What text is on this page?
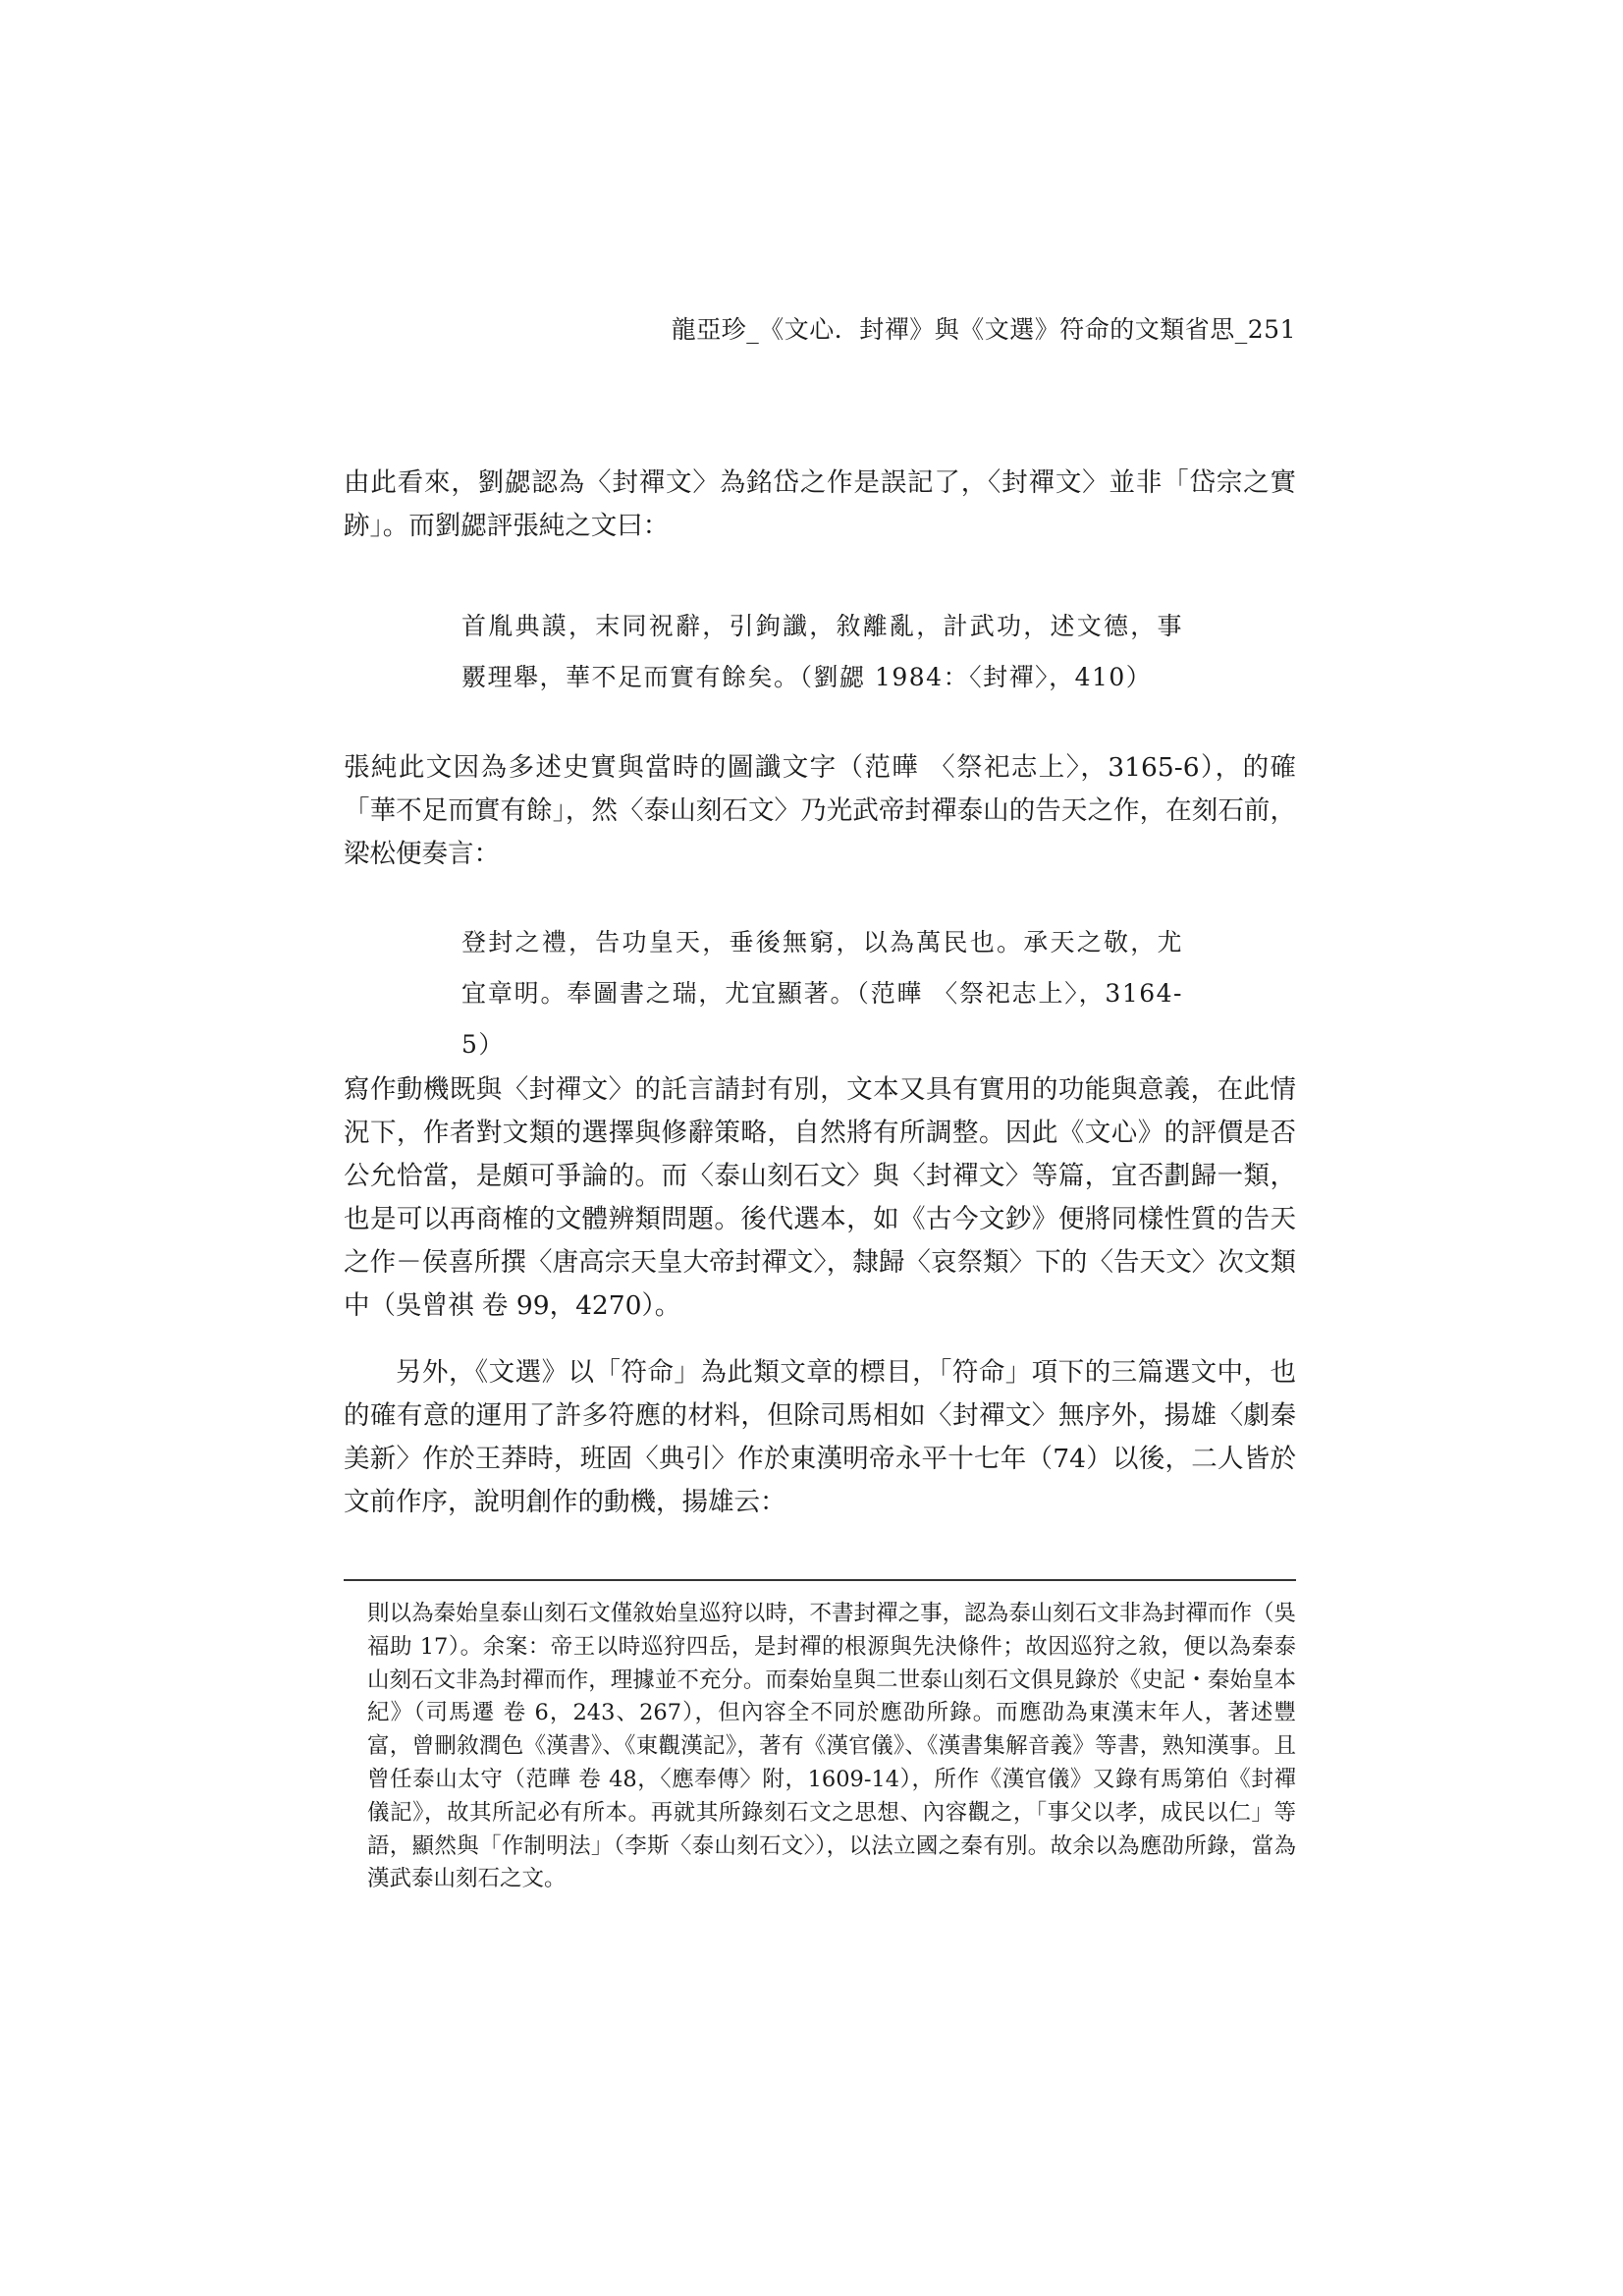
龍亞珍_《文心．封禪》與《文選》符命的文類省思_251

由此看來，劉勰認為〈封禪文〉為銘岱之作是誤記了，〈封禪文〉並非「岱宗之實跡」。而劉勰評張純之文曰：

首胤典謨，末同祝辭，引鉤讖，敘離亂，計武功，述文德，事覈理舉，華不足而實有餘矣。（劉勰 1984：〈封禪〉，410）

張純此文因為多述史實與當時的圖讖文字（范曄 〈祭祀志上〉，3165-6），的確「華不足而實有餘」，然〈泰山刻石文〉乃光武帝封禪泰山的告天之作，在刻石前，梁松便奏言：

登封之禮，告功皇天，垂後無窮，以為萬民也。承天之敬，尤宜章明。奉圖書之瑞，尤宜顯著。（范曄 〈祭祀志上〉，3164-5）

寫作動機既與〈封禪文〉的託言請封有別，文本又具有實用的功能與意義，在此情況下，作者對文類的選擇與修辭策略，自然將有所調整。因此《文心》的評價是否公允恰當，是頗可爭論的。而〈泰山刻石文〉與〈封禪文〉等篇，宜否劃歸一類，也是可以再商榷的文體辨類問題。後代選本，如《古今文鈔》便將同樣性質的告天之作－侯喜所撰〈唐高宗天皇大帝封禪文〉，隸歸〈哀祭類〉下的〈告天文〉次文類中（吳曾祺 卷 99，4270）。

另外，《文選》以「符命」為此類文章的標目，「符命」項下的三篇選文中，也的確有意的運用了許多符應的材料，但除司馬相如〈封禪文〉無序外，揚雄〈劇秦美新〉作於王莽時，班固〈典引〉作於東漢明帝永平十七年（74）以後，二人皆於文前作序，說明創作的動機，揚雄云：

則以為秦始皇泰山刻石文僅敘始皇巡狩以時，不書封禪之事，認為泰山刻石文非為封禪而作（吳福助 17）。余案：帝王以時巡狩四岳，是封禪的根源與先決條件；故因巡狩之敘，便以為秦泰山刻石文非為封禪而作，理據並不充分。而秦始皇與二世泰山刻石文俱見錄於《史記・秦始皇本紀》（司馬遷 卷 6，243、267），但內容全不同於應劭所錄。而應劭為東漢末年人，著述豐富，曾刪敘潤色《漢書》、《東觀漢記》，著有《漢官儀》、《漢書集解音義》等書，熟知漢事。且曾任泰山太守（范曄 卷 48，〈應奉傳〉附，1609-14），所作《漢官儀》又錄有馬第伯《封禪儀記》，故其所記必有所本。再就其所錄刻石文之思想、內容觀之，「事父以孝，成民以仁」等語，顯然與「作制明法」（李斯〈泰山刻石文〉），以法立國之秦有別。故余以為應劭所錄，當為漢武泰山刻石之文。
